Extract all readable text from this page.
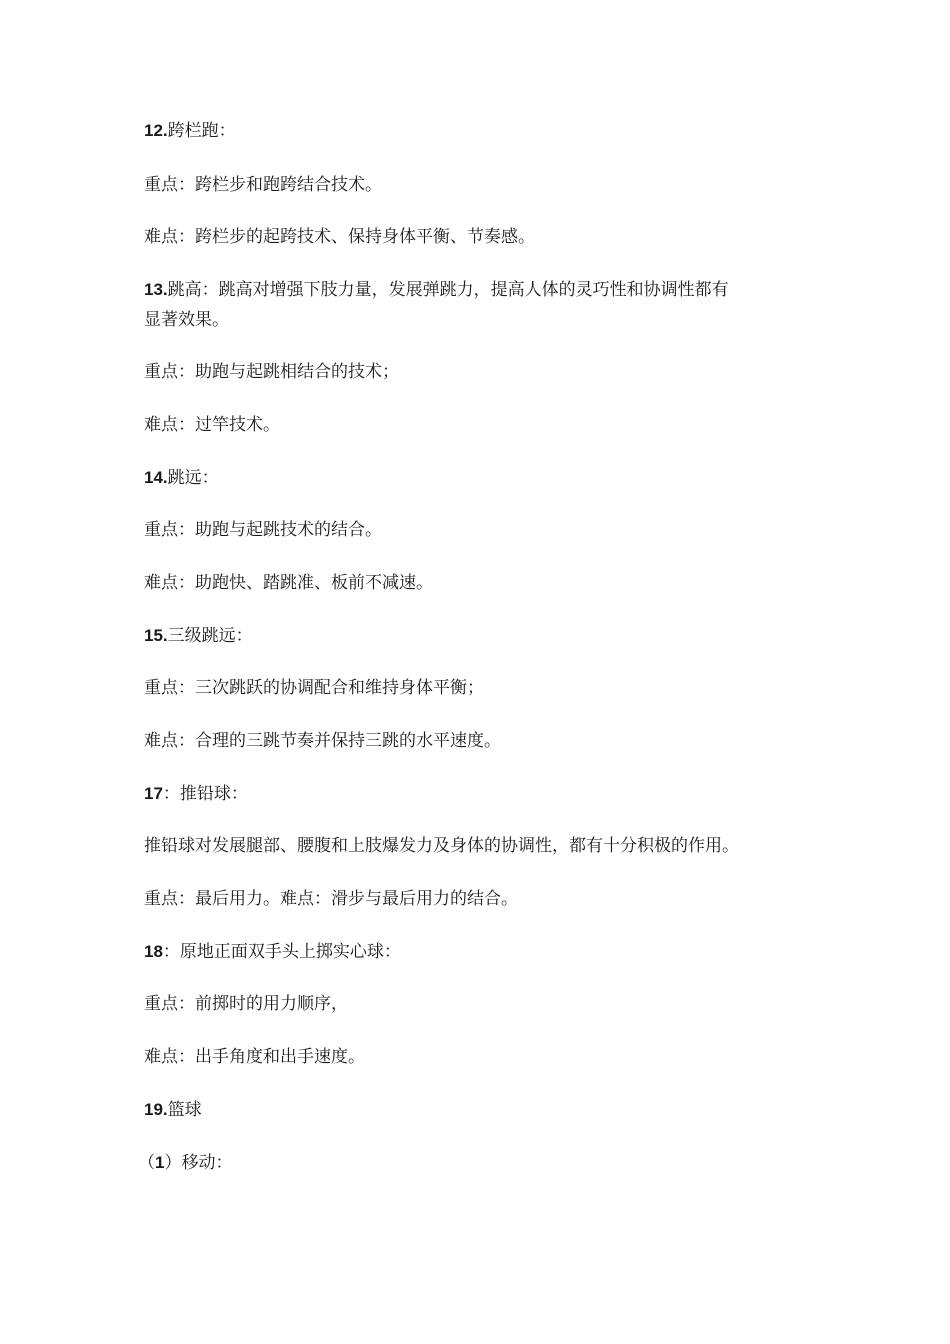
12.跨栏跑：
重点：跨栏步和跑跨结合技术。
难点：跨栏步的起跨技术、保持身体平衡、节奏感。
13.跳高：跳高对增强下肢力量，发展弹跳力，提高人体的灵巧性和协调性都有
显著效果。
重点：助跑与起跳相结合的技术；
难点：过竿技术。
14.跳远：
重点：助跑与起跳技术的结合。
难点：助跑快、踏跳准、板前不减速。
15.三级跳远：
重点：三次跳跃的协调配合和维持身体平衡；
难点：合理的三跳节奏并保持三跳的水平速度。
17：推铅球：
推铅球对发展腿部、腰腹和上肢爆发力及身体的协调性，都有十分积极的作用。
重点：最后用力。难点：滑步与最后用力的结合。
18：原地正面双手头上掷实心球：
重点：前掷时的用力顺序，
难点：出手角度和出手速度。
19.篮球
（1）移动：
